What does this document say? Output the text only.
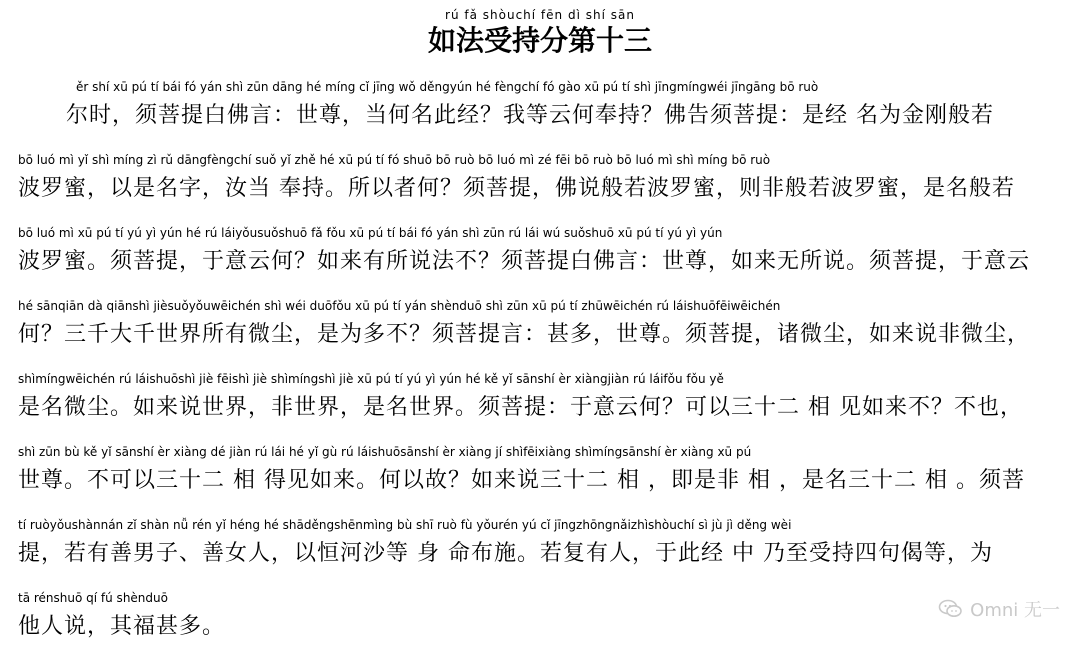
rú fǎ shòuchí fēn dì shí sān
如法受持分第十三
ěr shí xū pú tí bái fó yán shì zūn dāng hé míng cǐ jīng wǒ děngyún hé fèngchí fó gào xū pú tí shì jīngmíngwéi jīngāng bō ruò
尔时，须菩提白佛言：世尊，当何名此经？我等云何奉持？佛告须菩提：是经 名为金刚般若
bō luó mì yǐ shì míng zì rǔ dāngfèngchí suǒ yǐ zhě hé xū pú tí fó shuō bō ruò bō luó mì zé fēi bō ruò bō luó mì shì míng bō ruò
波罗蜜，以是名字，汝当 奉持。所以者何？须菩提，佛说般若波罗蜜，则非般若波罗蜜，是名般若
bō luó mì xū pú tí yú yì yún hé rú láiyǒusuǒshuō fǎ fǒu xū pú tí bái fó yán shì zūn rú lái wú suǒshuō xū pú tí yú yì yún
波罗蜜。须菩提，于意云何？如来有所说法不？须菩提白佛言：世尊，如来无所说。须菩提，于意云
hé sānqiān dà qiānshì jièsuǒyǒuwēichén shì wéi duōfǒu xū pú tí yán shènduō shì zūn xū pú tí zhūwēichén rú láishuōfēiwēichén
何？三千大千世界所有微尘，是为多不？须菩提言：甚多，世尊。须菩提，诸微尘，如来说非微尘，
shìmíngwēichén rú láishuōshì jiè fēishì jiè shìmíngshì jiè xū pú tí yú yì yún hé kě yǐ sānshí èr xiàngjiàn rú láifǒu fǒu yě
是名微尘。如来说世界，非世界，是名世界。须菩提：于意云何？可以三十二 相 见如来不？不也，
shì zūn bù kě yǐ sānshí èr xiàng dé jiàn rú lái hé yǐ gù rú láishuōsānshí èr xiàng jí shìfēixiàng shìmíngsānshí èr xiàng xū pú
世尊。不可以三十二 相 得见如来。何以故？如来说三十二 相 ，即是非 相 ，是名三十二 相 。须菩
tí ruòyǒushànnán zǐ shàn nǚ rén yǐ héng hé shāděngshēnmìng bù shī ruò fù yǒurén yú cǐ jīngzhōngnǎizhìshòuchí sì jù jì děng wèi
提，若有善男子、善女人，以恒河沙等 身 命布施。若复有人，于此经 中 乃至受持四句偈等，为
tā rénshuō qí fú shènduō
他人说，其福甚多。
Omni 无一
